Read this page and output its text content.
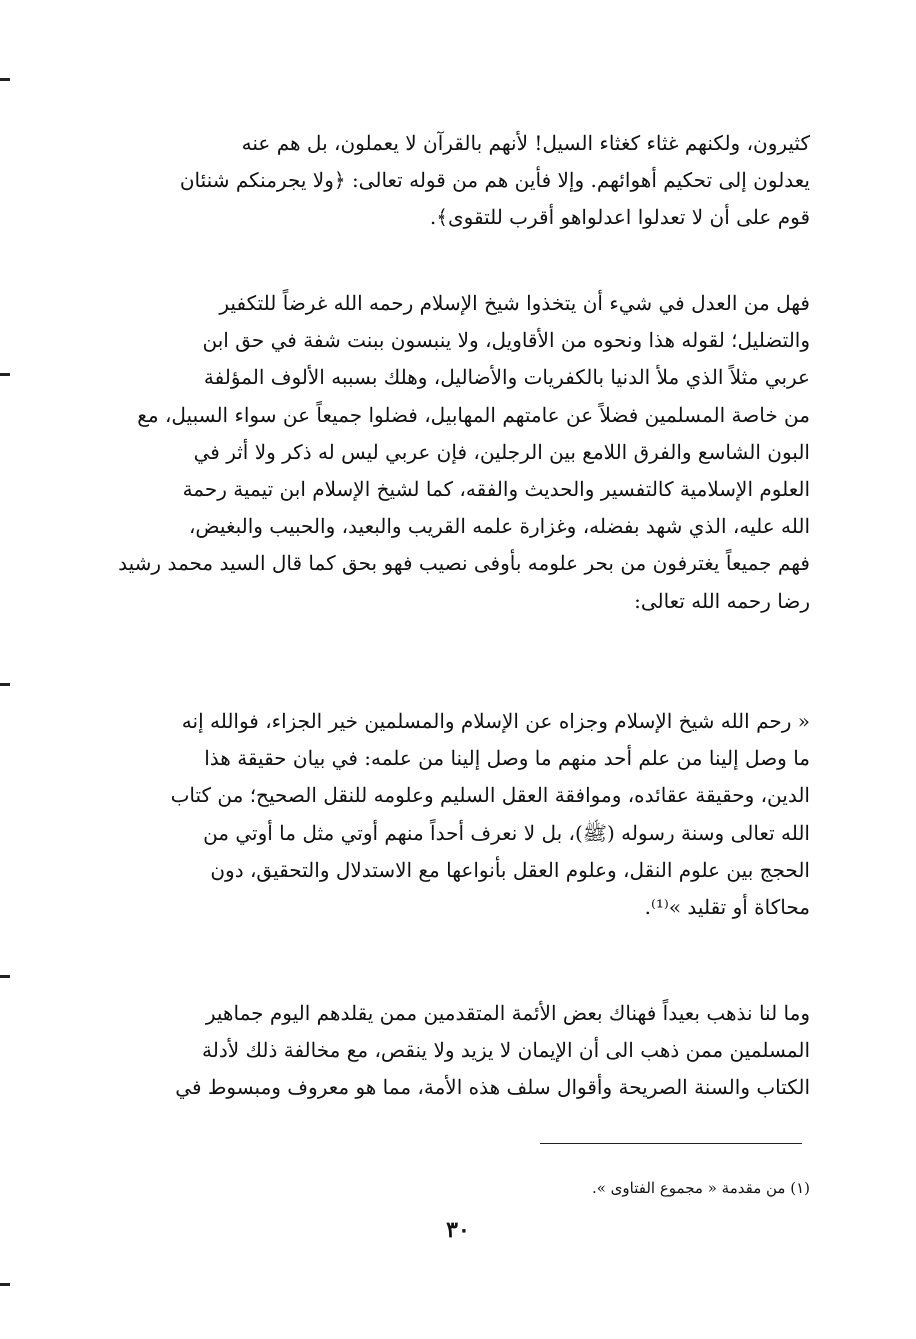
كثيرون، ولكنهم غثاء كغثاء السيل! لأنهم بالقرآن لا يعملون، بل هم عنه
يعدلون إلى تحكيم أهوائهم. وإلا فأين هم من قوله تعالى: ﴿ولا يجرمنكم شنئان
قوم على أن لا تعدلوا اعدلواهو أقرب للتقوى﴾.
فهل من العدل في شيء أن يتخذوا شيخ الإسلام رحمه الله غرضاً للتكفير
والتضليل؛ لقوله هذا ونحوه من الأقاويل، ولا ينبسون ببنت شفة في حق ابن
عربي مثلاً الذي ملأ الدنيا بالكفريات والأضاليل، وهلك بسببه الألوف المؤلفة
من خاصة المسلمين فضلاً عن عامتهم المهابيل، فضلوا جميعاً عن سواء السبيل، مع
البون الشاسع والفرق اللامع بين الرجلين، فإن عربي ليس له ذكر ولا أثر في
العلوم الإسلامية كالتفسير والحديث والفقه، كما لشيخ الإسلام ابن تيمية رحمة
الله عليه، الذي شهد بفضله، وغزارة علمه القريب والبعيد، والحبيب والبغيض،
فهم جميعاً يغترفون من بحر علومه بأوفى نصيب فهو بحق كما قال السيد محمد رشيد
رضا رحمه الله تعالى:
« رحم الله شيخ الإسلام وجزاه عن الإسلام والمسلمين خير الجزاء، فوالله إنه
ما وصل إلينا من علم أحد منهم ما وصل إلينا من علمه: في بيان حقيقة هذا
الدين، وحقيقة عقائده، وموافقة العقل السليم وعلومه للنقل الصحيح؛ من كتاب
الله تعالى وسنة رسوله (ﷺ)، بل لا نعرف أحداً منهم أوتي مثل ما أوتي من
الحجج بين علوم النقل، وعلوم العقل بأنواعها مع الاستدلال والتحقيق، دون
محاكاة أو تقليد »⁽¹⁾.
وما لنا نذهب بعيداً فهناك بعض الأئمة المتقدمين ممن يقلدهم اليوم جماهير
المسلمين ممن ذهب الى أن الإيمان لا يزيد ولا ينقص، مع مخالفة ذلك لأدلة
الكتاب والسنة الصريحة وأقوال سلف هذه الأمة، مما هو معروف ومبسوط في
(١) من مقدمة « مجموع الفتاوى ».
٣٠
